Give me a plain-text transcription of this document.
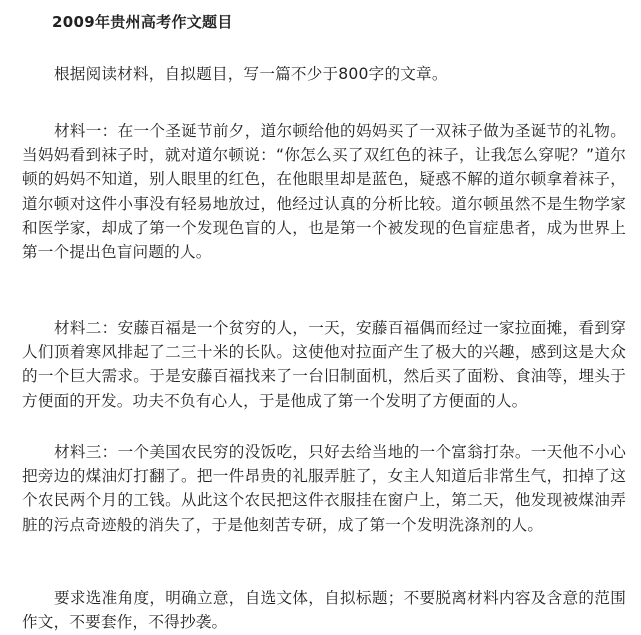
2009年贵州高考作文题目

根据阅读材料，自拟题目，写一篇不少于800字的文章。

材料一：在一个圣诞节前夕，道尔顿给他的妈妈买了一双袜子做为圣诞节的礼物。当妈妈看到袜子时，就对道尔顿说：“你怎么买了双红色的袜子，让我怎么穿呢？”道尔顿的妈妈不知道，别人眼里的红色，在他眼里却是蓝色，疑惑不解的道尔顿拿着袜子，道尔顿对这件小事没有轻易地放过，他经过认真的分析比较。道尔顿虽然不是生物学家和医学家，却成了第一个发现色盲的人，也是第一个被发现的色盲症患者，成为世界上第一个提出色盲问题的人。

材料二：安藤百福是一个贫穷的人，一天，安藤百福偶而经过一家拉面摊，看到穿人们顶着寒风排起了二三十米的长队。这使他对拉面产生了极大的兴趣，感到这是大众的一个巨大需求。于是安藤百福找来了一台旧制面机，然后买了面粉、食油等，埋头于方便面的开发。功夫不负有心人，于是他成了第一个发明了方便面的人。

材料三：一个美国农民穷的没饭吃，只好去给当地的一个富翁打杂。一天他不小心把旁边的煤油灯打翻了。把一件昂贵的礼服弄脏了，女主人知道后非常生气，扣掉了这个农民两个月的工钱。从此这个农民把这件衣服挂在窗户上，第二天，他发现被煤油弄脏的污点奇迹般的消失了，于是他刻苦专研，成了第一个发明洗涤剂的人。

要求选准角度，明确立意，自选文体，自拟标题；不要脱离材料内容及含意的范围作文，不要套作，不得抄袭。
